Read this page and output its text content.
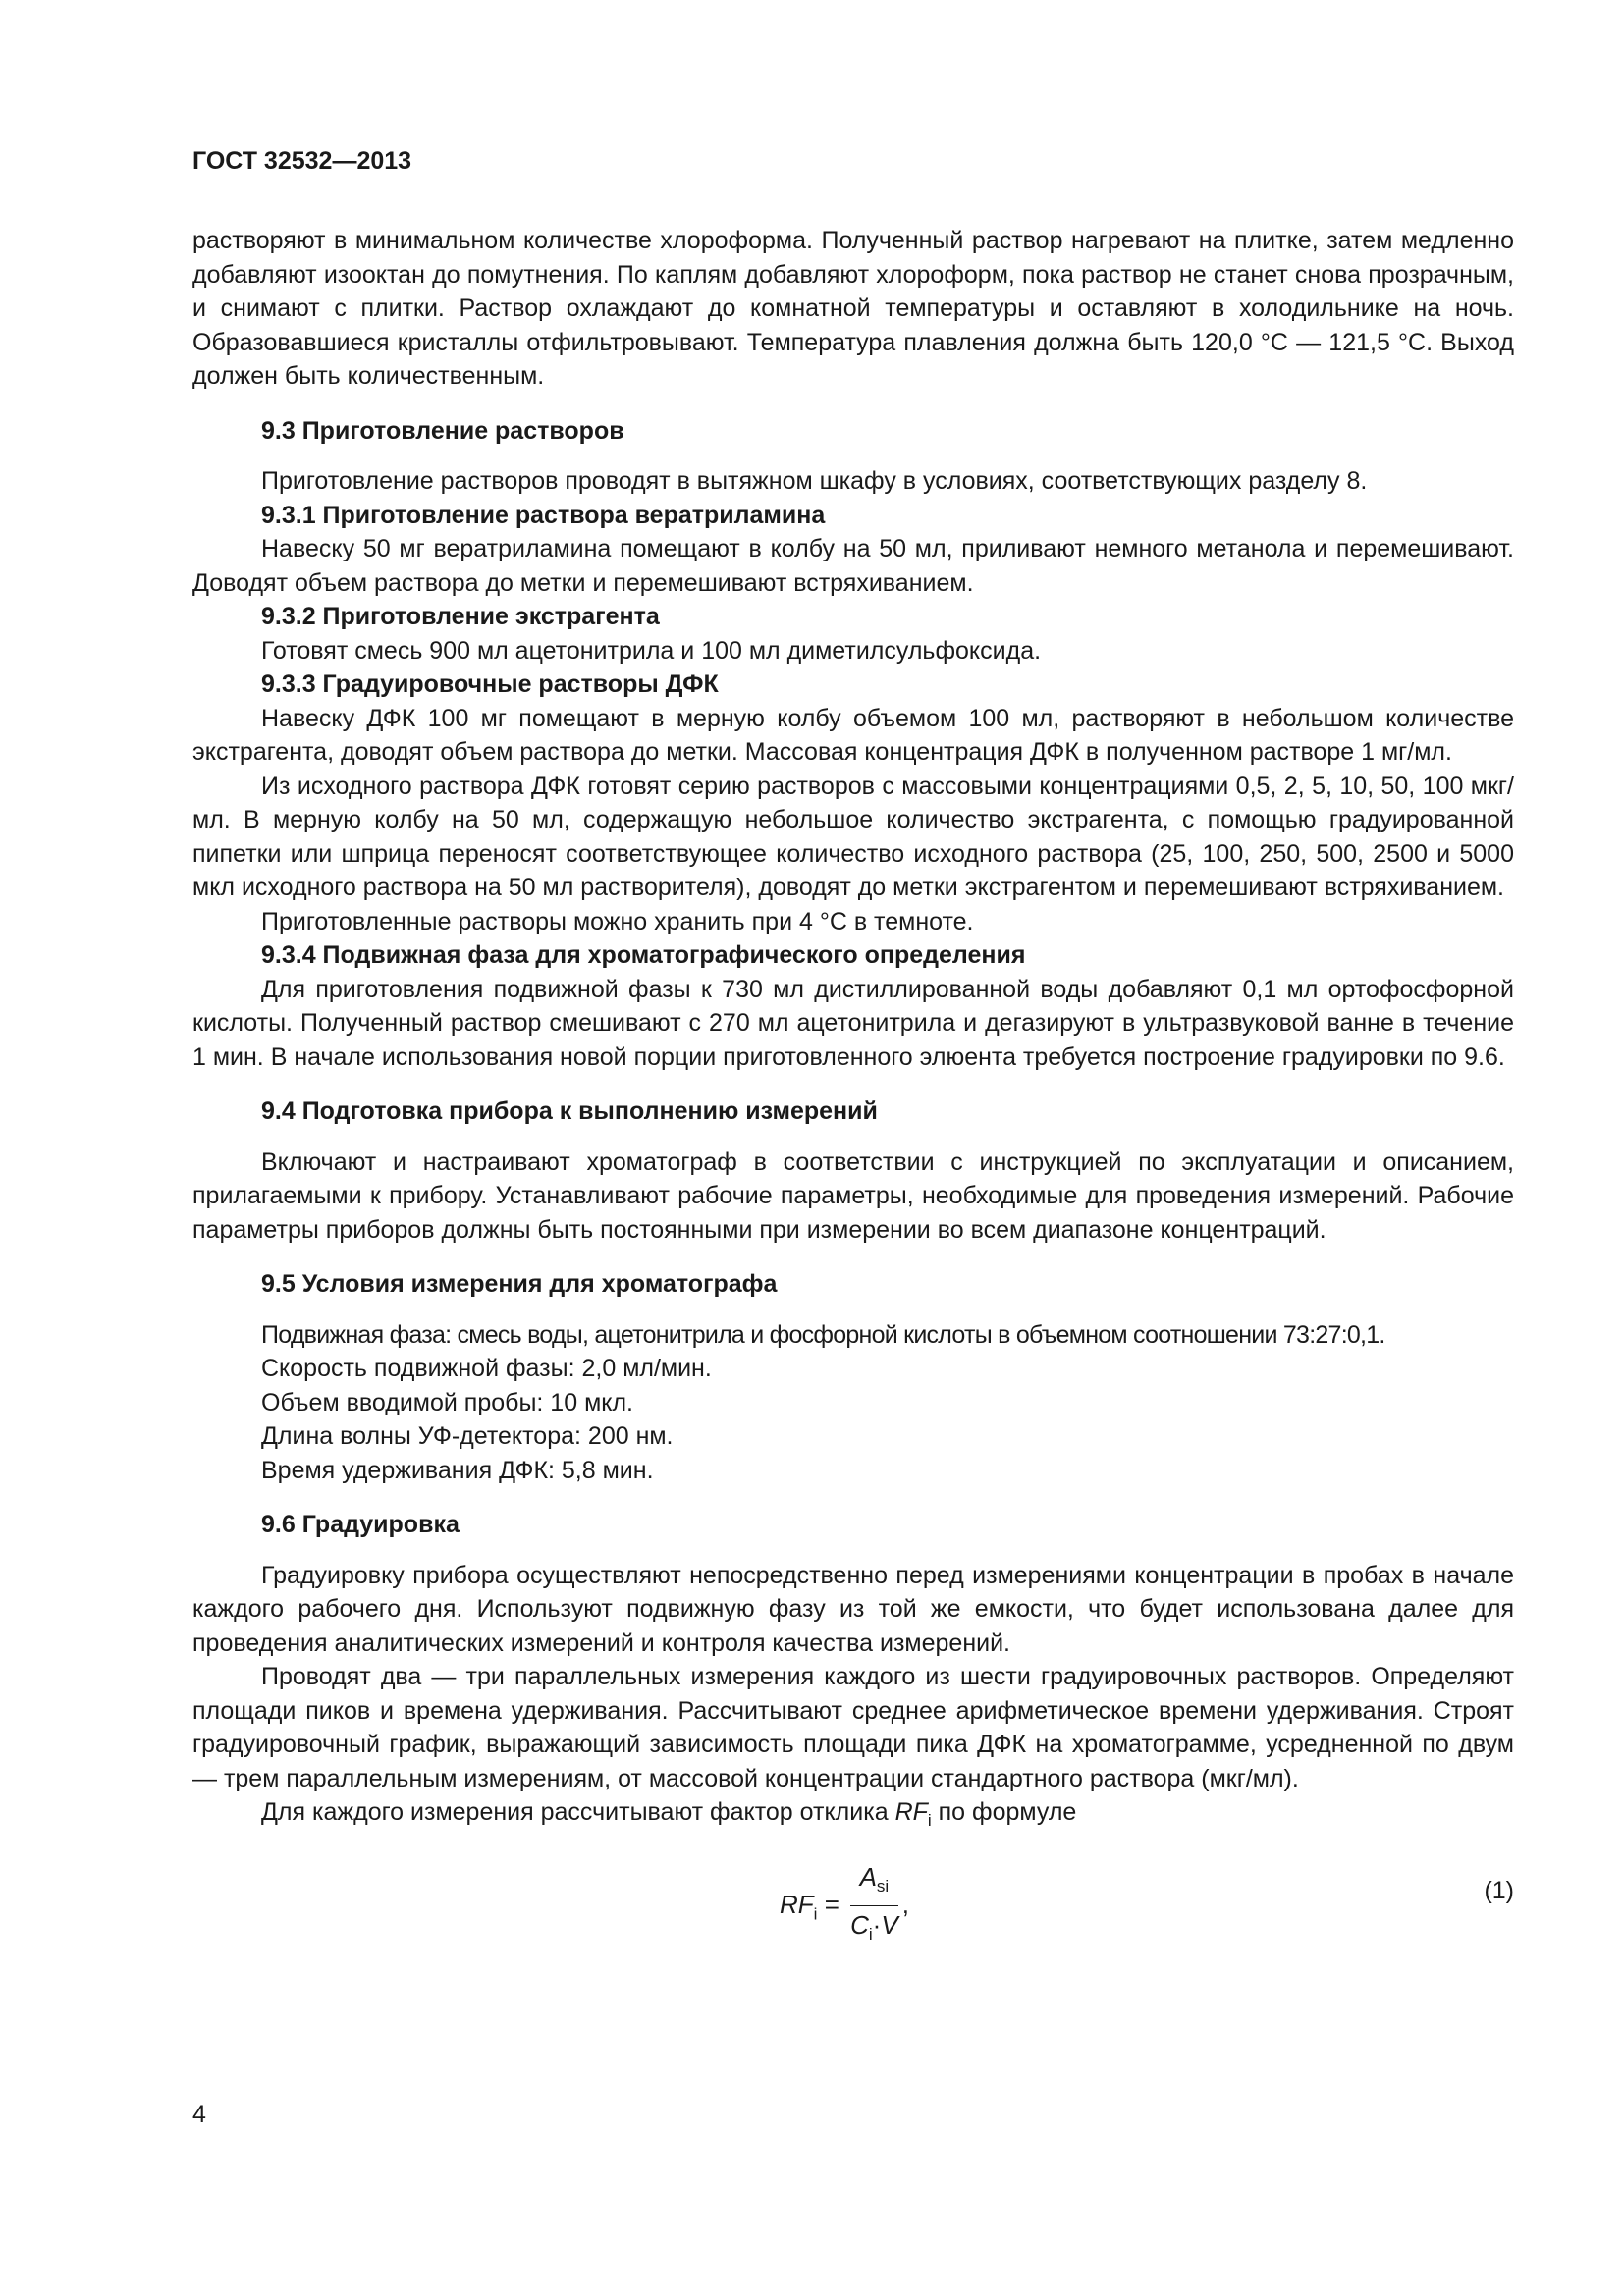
ГОСТ 32532—2013

растворяют в минимальном количестве хлороформа. Полученный раствор нагревают на плитке, затем медленно добавляют изооктан до помутнения. По каплям добавляют хлороформ, пока раствор не станет снова прозрачным, и снимают с плитки. Раствор охлаждают до комнатной температуры и оставляют в холодильнике на ночь. Образовавшиеся кристаллы отфильтровывают. Температура плавления должна быть 120,0 °С — 121,5 °С. Выход должен быть количественным.

9.3 Приготовление растворов

Приготовление растворов проводят в вытяжном шкафу в условиях, соответствующих разделу 8.

9.3.1 Приготовление раствора вератриламина

Навеску 50 мг вератриламина помещают в колбу на 50 мл, приливают немного метанола и перемешивают. Доводят объем раствора до метки и перемешивают встряхиванием.

9.3.2 Приготовление экстрагента

Готовят смесь 900 мл ацетонитрила и 100 мл диметилсульфоксида.

9.3.3 Градуировочные растворы ДФК

Навеску ДФК 100 мг помещают в мерную колбу объемом 100 мл, растворяют в небольшом количестве экстрагента, доводят объем раствора до метки. Массовая концентрация ДФК в полученном растворе 1 мг/мл.

Из исходного раствора ДФК готовят серию растворов с массовыми концентрациями 0,5, 2, 5, 10, 50, 100 мкг/мл. В мерную колбу на 50 мл, содержащую небольшое количество экстрагента, с помощью градуированной пипетки или шприца переносят соответствующее количество исходного раствора (25, 100, 250, 500, 2500 и 5000 мкл исходного раствора на 50 мл растворителя), доводят до метки экстрагентом и перемешивают встряхиванием.

Приготовленные растворы можно хранить при 4 °С в темноте.

9.3.4 Подвижная фаза для хроматографического определения

Для приготовления подвижной фазы к 730 мл дистиллированной воды добавляют 0,1 мл ортофосфорной кислоты. Полученный раствор смешивают с 270 мл ацетонитрила и дегазируют в ультразвуковой ванне в течение 1 мин. В начале использования новой порции приготовленного элюента требуется построение градуировки по 9.6.

9.4 Подготовка прибора к выполнению измерений

Включают и настраивают хроматограф в соответствии с инструкцией по эксплуатации и описанием, прилагаемыми к прибору. Устанавливают рабочие параметры, необходимые для проведения измерений. Рабочие параметры приборов должны быть постоянными при измерении во всем диапазоне концентраций.

9.5 Условия измерения для хроматографа

Подвижная фаза: смесь воды, ацетонитрила и фосфорной кислоты в объемном соотношении 73:27:0,1.

Скорость подвижной фазы: 2,0 мл/мин.

Объем вводимой пробы: 10 мкл.

Длина волны УФ-детектора: 200 нм.

Время удерживания ДФК: 5,8 мин.

9.6 Градуировка

Градуировку прибора осуществляют непосредственно перед измерениями концентрации в пробах в начале каждого рабочего дня. Используют подвижную фазу из той же емкости, что будет использована далее для проведения аналитических измерений и контроля качества измерений.

Проводят два — три параллельных измерения каждого из шести градуировочных растворов. Определяют площади пиков и времена удерживания. Рассчитывают среднее арифметическое времени удерживания. Строят градуировочный график, выражающий зависимость площади пика ДФК на хроматограмме, усредненной по двум — трем параллельным измерениям, от массовой концентрации стандартного раствора (мкг/мл).

Для каждого измерения рассчитывают фактор отклика $RF_i$ по формуле

$RF_i = \frac{A_{si}}{C_i\cdot V}$ ,	(1)
4
